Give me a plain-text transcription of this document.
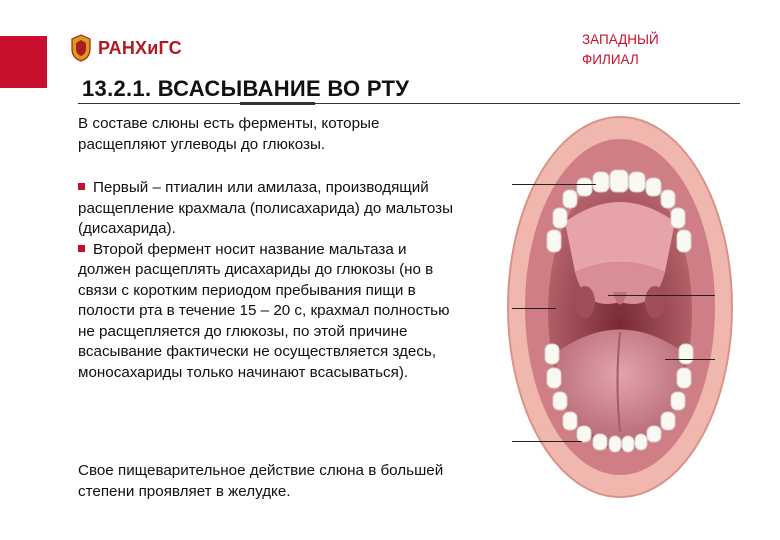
РАНХиГС	ЗАПАДНЫЙ
ФИЛИАЛ
13.2.1. ВСАСЫВАНИЕ ВО РТУ
В составе слюны есть ферменты, которые расщепляют углеводы до глюкозы.
Первый – птиалин или амилаза, производящий расщепление крахмала (полисахарида) до мальтозы (дисахарида).
Второй фермент носит название мальтаза и должен расщеплять дисахариды до глюкозы (но в связи с коротким периодом пребывания пищи в полости рта в течение 15 – 20 с, крахмал полностью не расщепляется до глюкозы, по этой причине всасывание фактически не осуществляется здесь, моносахариды только начинают всасываться).
Свое пищеварительное действие слюна в большей степени проявляет в желудке.
